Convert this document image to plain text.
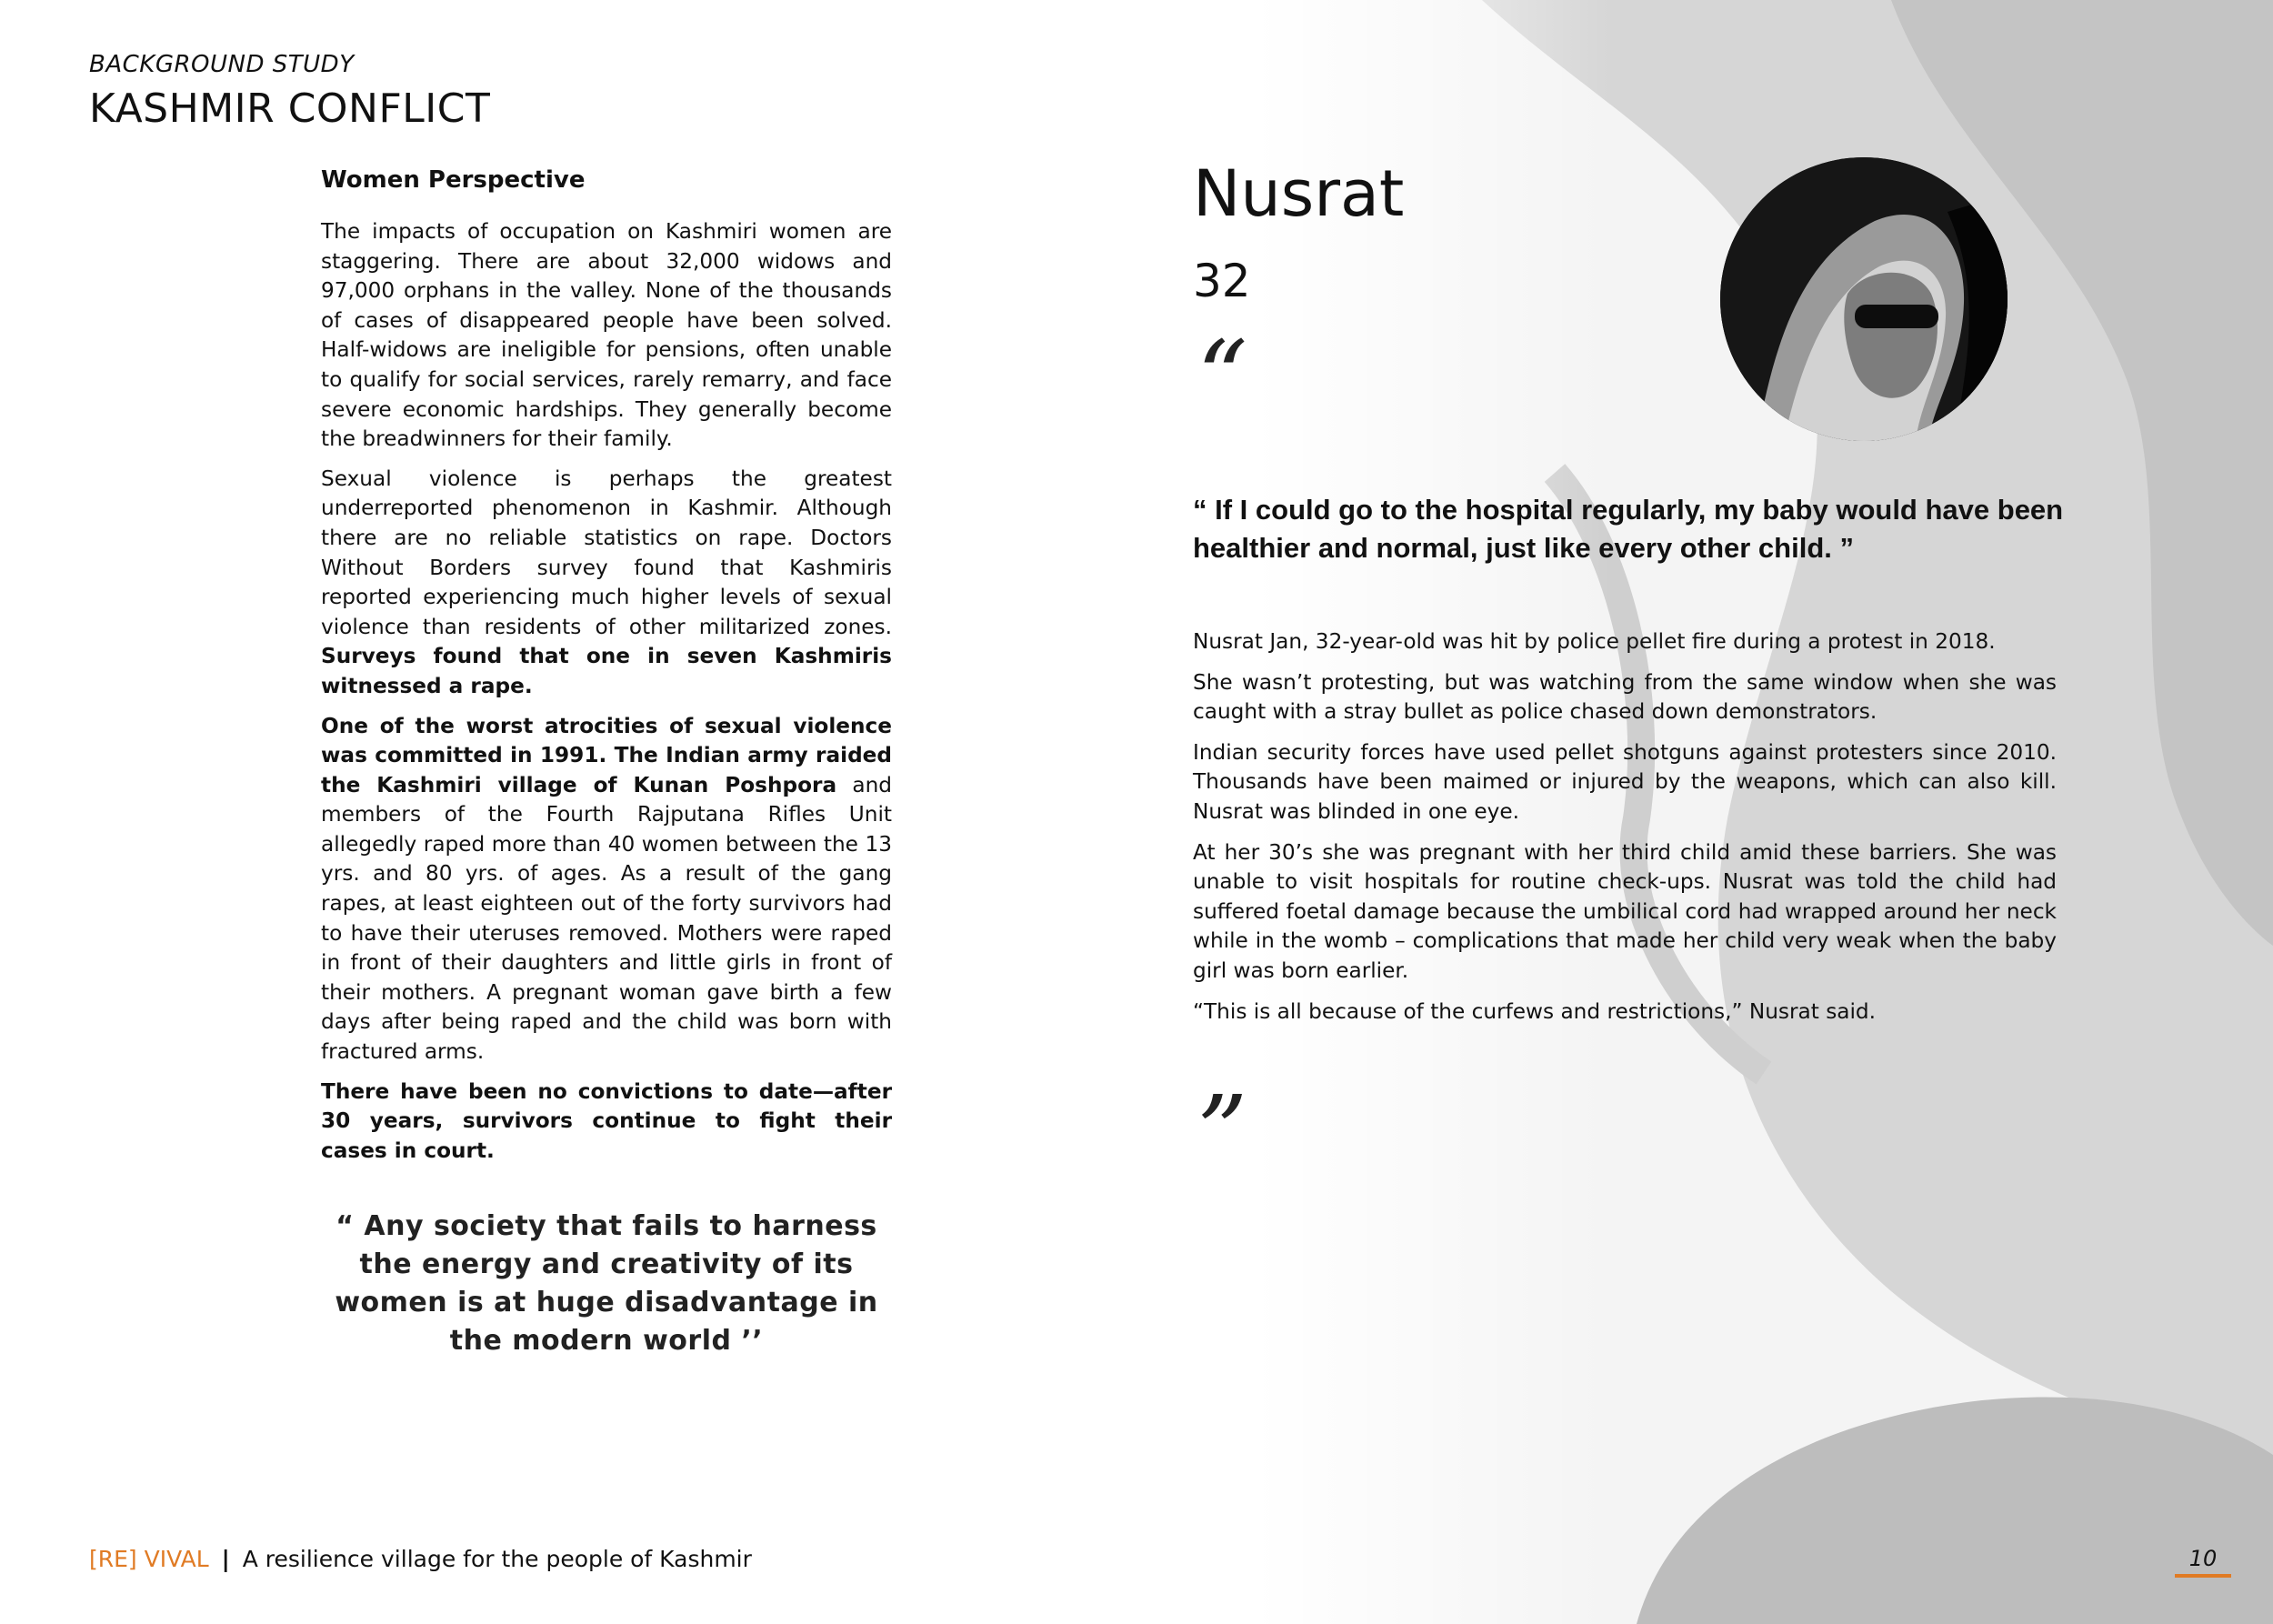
BACKGROUND STUDY
KASHMIR CONFLICT
Women Perspective

The impacts of occupation on Kashmiri women are staggering. There are about 32,000 widows and 97,000 orphans in the valley. None of the thousands of cases of disappeared people have been solved. Half-widows are ineligible for pensions, often unable to qualify for social services, rarely remarry, and face severe economic hardships. They generally become the breadwinners for their family.

Sexual violence is perhaps the greatest underreported phenomenon in Kashmir. Although there are no reliable statistics on rape. Doctors Without Borders survey found that Kashmiris reported experiencing much higher levels of sexual violence than residents of other militarized zones. Surveys found that one in seven Kashmiris witnessed a rape.

One of the worst atrocities of sexual violence was committed in 1991. The Indian army raided the Kashmiri village of Kunan Poshpora and members of the Fourth Rajputana Rifles Unit allegedly raped more than 40 women between the 13 yrs. and 80 yrs. of ages. As a result of the gang rapes, at least eighteen out of the forty survivors had to have their uteruses removed. Mothers were raped in front of their daughters and little girls in front of their mothers. A pregnant woman gave birth a few days after being raped and the child was born with fractured arms.

There have been no convictions to date—after 30 years, survivors continue to fight their cases in court.

“ Any society that fails to harness the energy and creativity of its women is at huge disadvantage in the modern world ’’
Nusrat
32
“
“ If I could go to the hospital regularly, my baby would have been healthier and normal, just like every other child. ”

Nusrat Jan, 32-year-old was hit by police pellet fire during a protest in 2018.

She wasn’t protesting, but was watching from the same window when she was caught with a stray bullet as police chased down demonstrators.

Indian security forces have used pellet shotguns against protesters since 2010. Thousands have been maimed or injured by the weapons, which can also kill. Nusrat was blinded in one eye.

At her 30’s she was pregnant with her third child amid these barriers. She was unable to visit hospitals for routine check-ups. Nusrat was told the child had suffered foetal damage because the umbilical cord had wrapped around her neck while in the womb – complications that made her child very weak when the baby girl was born earlier.

“This is all because of the curfews and restrictions,” Nusrat said.

”
[RE] VIVAL | A resilience village for the people of Kashmir	10
